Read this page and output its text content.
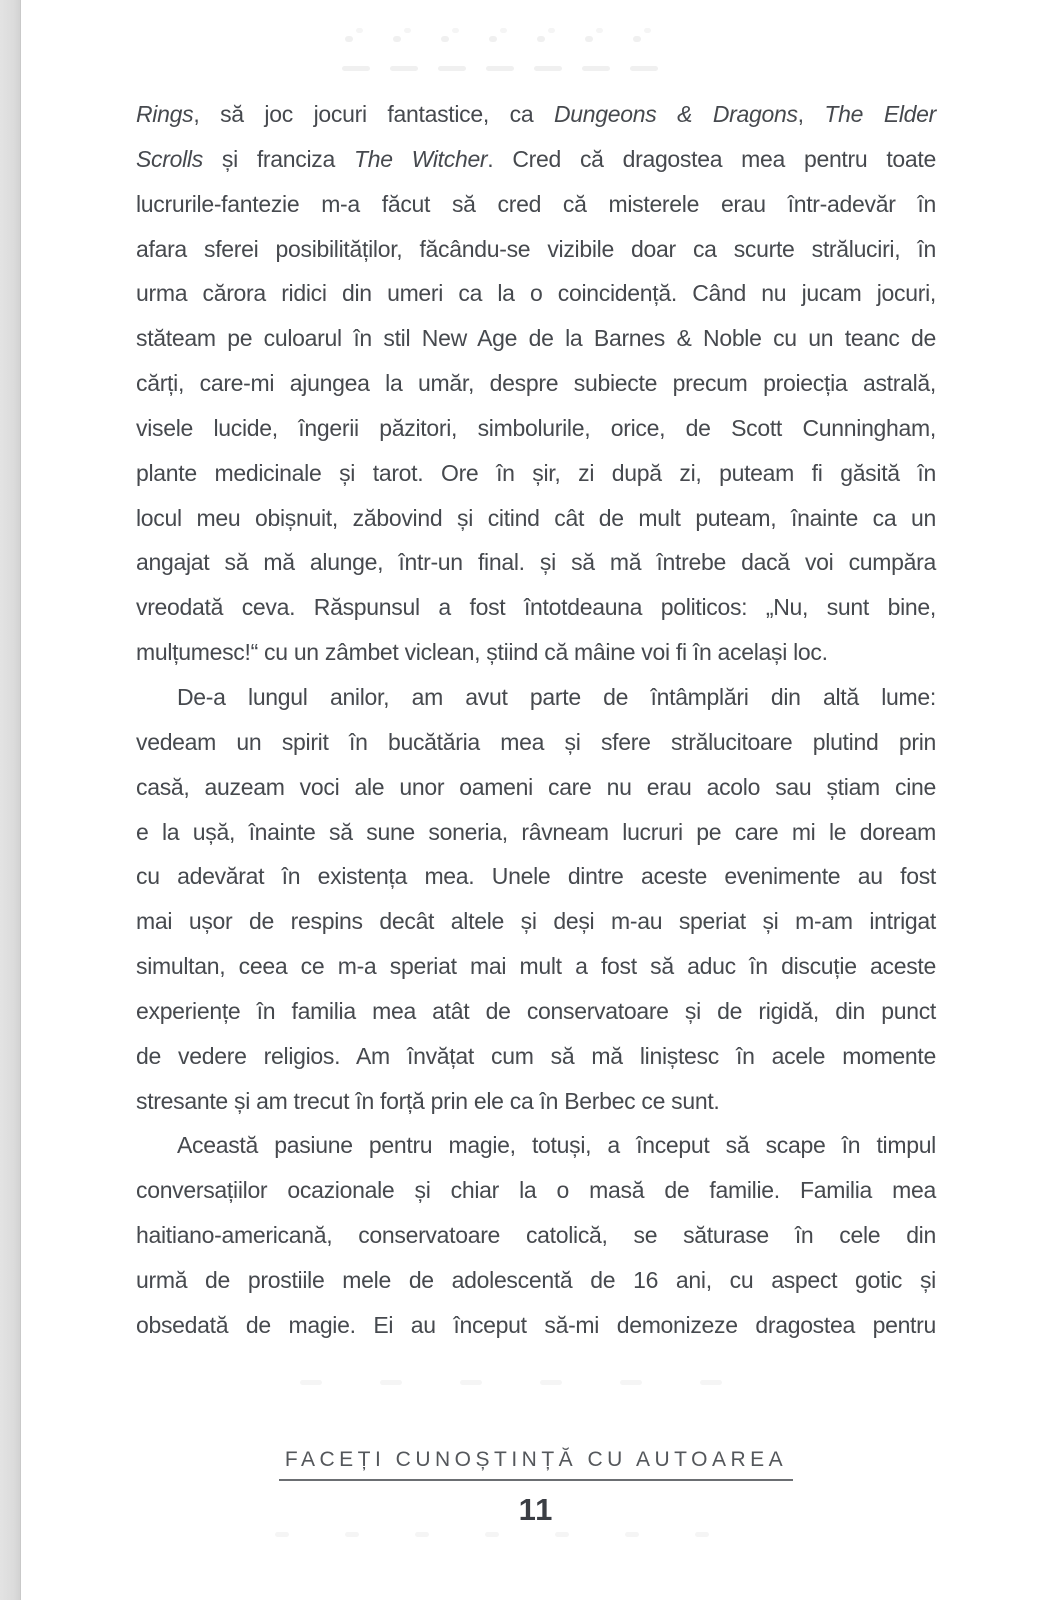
Rings, să joc jocuri fantastice, ca Dungeons & Dragons, The Elder
Scrolls și franciza The Witcher. Cred că dragostea mea pentru toate
lucrurile-fantezie m-a făcut să cred că misterele erau într-adevăr în
afara sferei posibilităților, făcându-se vizibile doar ca scurte străluciri, în
urma cărora ridici din umeri ca la o coincidență. Când nu jucam jocuri,
stăteam pe culoarul în stil New Age de la Barnes & Noble cu un teanc de
cărți, care-mi ajungea la umăr, despre subiecte precum proiecția astrală,
visele lucide, îngerii păzitori, simbolurile, orice, de Scott Cunningham,
plante medicinale și tarot. Ore în șir, zi după zi, puteam fi găsită în
locul meu obișnuit, zăbovind și citind cât de mult puteam, înainte ca un
angajat să mă alunge, într-un final. și să mă întrebe dacă voi cumpăra
vreodată ceva. Răspunsul a fost întotdeauna politicos: „Nu, sunt bine,
mulțumesc!“ cu un zâmbet viclean, știind că mâine voi fi în același loc.
De-a lungul anilor, am avut parte de întâmplări din altă lume:
vedeam un spirit în bucătăria mea și sfere strălucitoare plutind prin
casă, auzeam voci ale unor oameni care nu erau acolo sau știam cine
e la ușă, înainte să sune soneria, râvneam lucruri pe care mi le doream
cu adevărat în existența mea. Unele dintre aceste evenimente au fost
mai ușor de respins decât altele și deși m-au speriat și m-am intrigat
simultan, ceea ce m-a speriat mai mult a fost să aduc în discuție aceste
experiențe în familia mea atât de conservatoare și de rigidă, din punct
de vedere religios. Am învățat cum să mă liniștesc în acele momente
stresante și am trecut în forță prin ele ca în Berbec ce sunt.
Această pasiune pentru magie, totuși, a început să scape în timpul
conversațiilor ocazionale și chiar la o masă de familie. Familia mea
haitiano-americană, conservatoare catolică, se săturase în cele din
urmă de prostiile mele de adolescentă de 16 ani, cu aspect gotic și
obsedată de magie. Ei au început să-mi demonizeze dragostea pentru
FACEȚI CUNOȘTINȚĂ CU AUTOAREA
11
